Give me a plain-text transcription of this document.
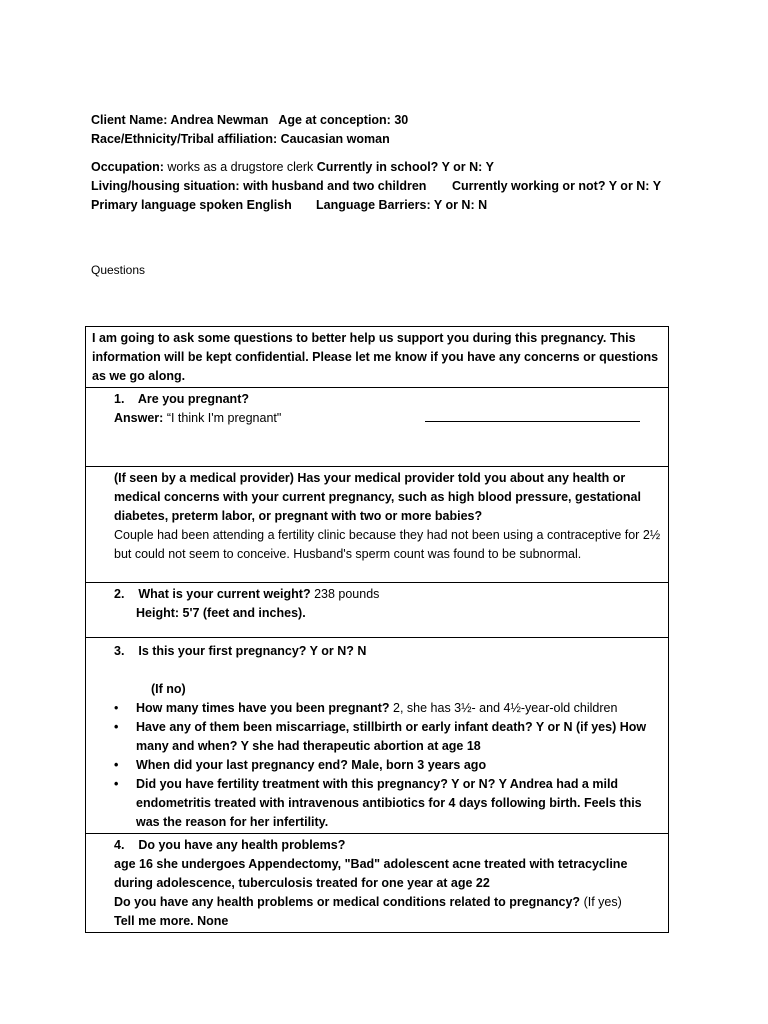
Client Name: Andrea Newman Age at conception: 30
Race/Ethnicity/Tribal affiliation: Caucasian woman
Occupation: works as a drugstore clerk Currently in school? Y or N: Y
Living/housing situation: with husband and two children Currently working or not? Y or N: Y
Primary language spoken English Language Barriers: Y or N: N
Questions
I am going to ask some questions to better help us support you during this pregnancy. This information will be kept confidential. Please let me know if you have any concerns or questions as we go along.

1. Are you pregnant?
Answer: “I think I'm pregnant"

(If seen by a medical provider) Has your medical provider told you about any health or medical concerns with your current pregnancy, such as high blood pressure, gestational diabetes, preterm labor, or pregnant with two or more babies?
Couple had been attending a fertility clinic because they had not been using a contraceptive for 2½ but could not seem to conceive. Husband's sperm count was found to be subnormal.

2. What is your current weight? 238 pounds
Height: 5'7 (feet and inches).

3. Is this your first pregnancy? Y or N? N
(If no)
• How many times have you been pregnant? 2, she has 3½- and 4½-year-old children
• Have any of them been miscarriage, stillbirth or early infant death? Y or N (if yes) How many and when? Y she had therapeutic abortion at age 18
• When did your last pregnancy end? Male, born 3 years ago
• Did you have fertility treatment with this pregnancy? Y or N? Y Andrea had a mild endometritis treated with intravenous antibiotics for 4 days following birth. Feels this was the reason for her infertility.

4. Do you have any health problems?
age 16 she undergoes Appendectomy, "Bad" adolescent acne treated with tetracycline during adolescence, tuberculosis treated for one year at age 22
Do you have any health problems or medical conditions related to pregnancy? (If yes)
Tell me more. None
